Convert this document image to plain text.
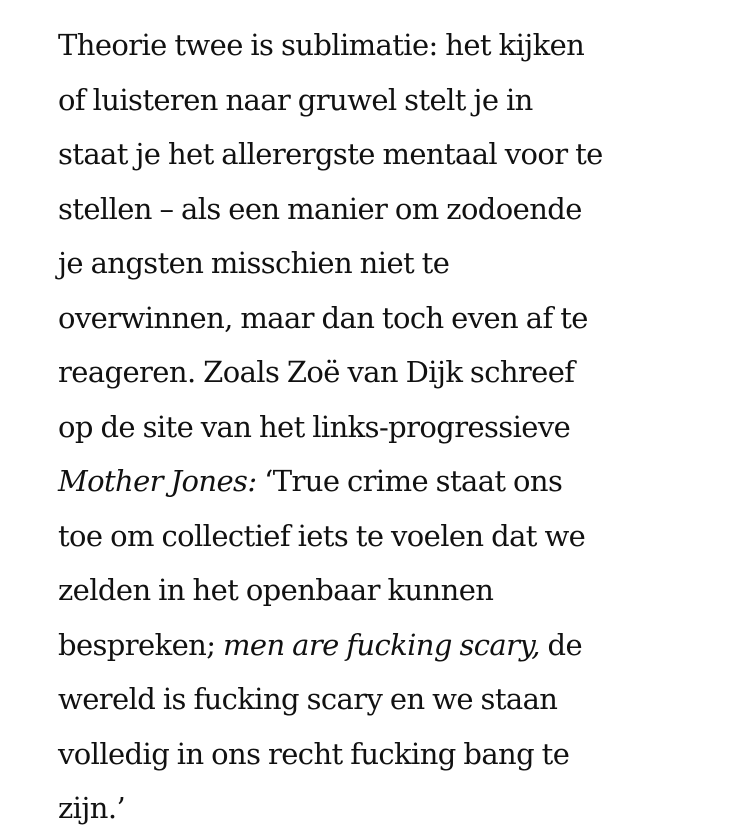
Theorie twee is sublimatie: het kijken
of luisteren naar gruwel stelt je in
staat je het allerergste mentaal voor te
stellen – als een manier om zodoende
je angsten misschien niet te
overwinnen, maar dan toch even af te
reageren. Zoals Zoë van Dijk schreef
op de site van het links-progressieve
Mother Jones: ‘True crime staat ons
toe om collectief iets te voelen dat we
zelden in het openbaar kunnen
bespreken; men are fucking scary, de
wereld is fucking scary en we staan
volledig in ons recht fucking bang te
zijn.’
